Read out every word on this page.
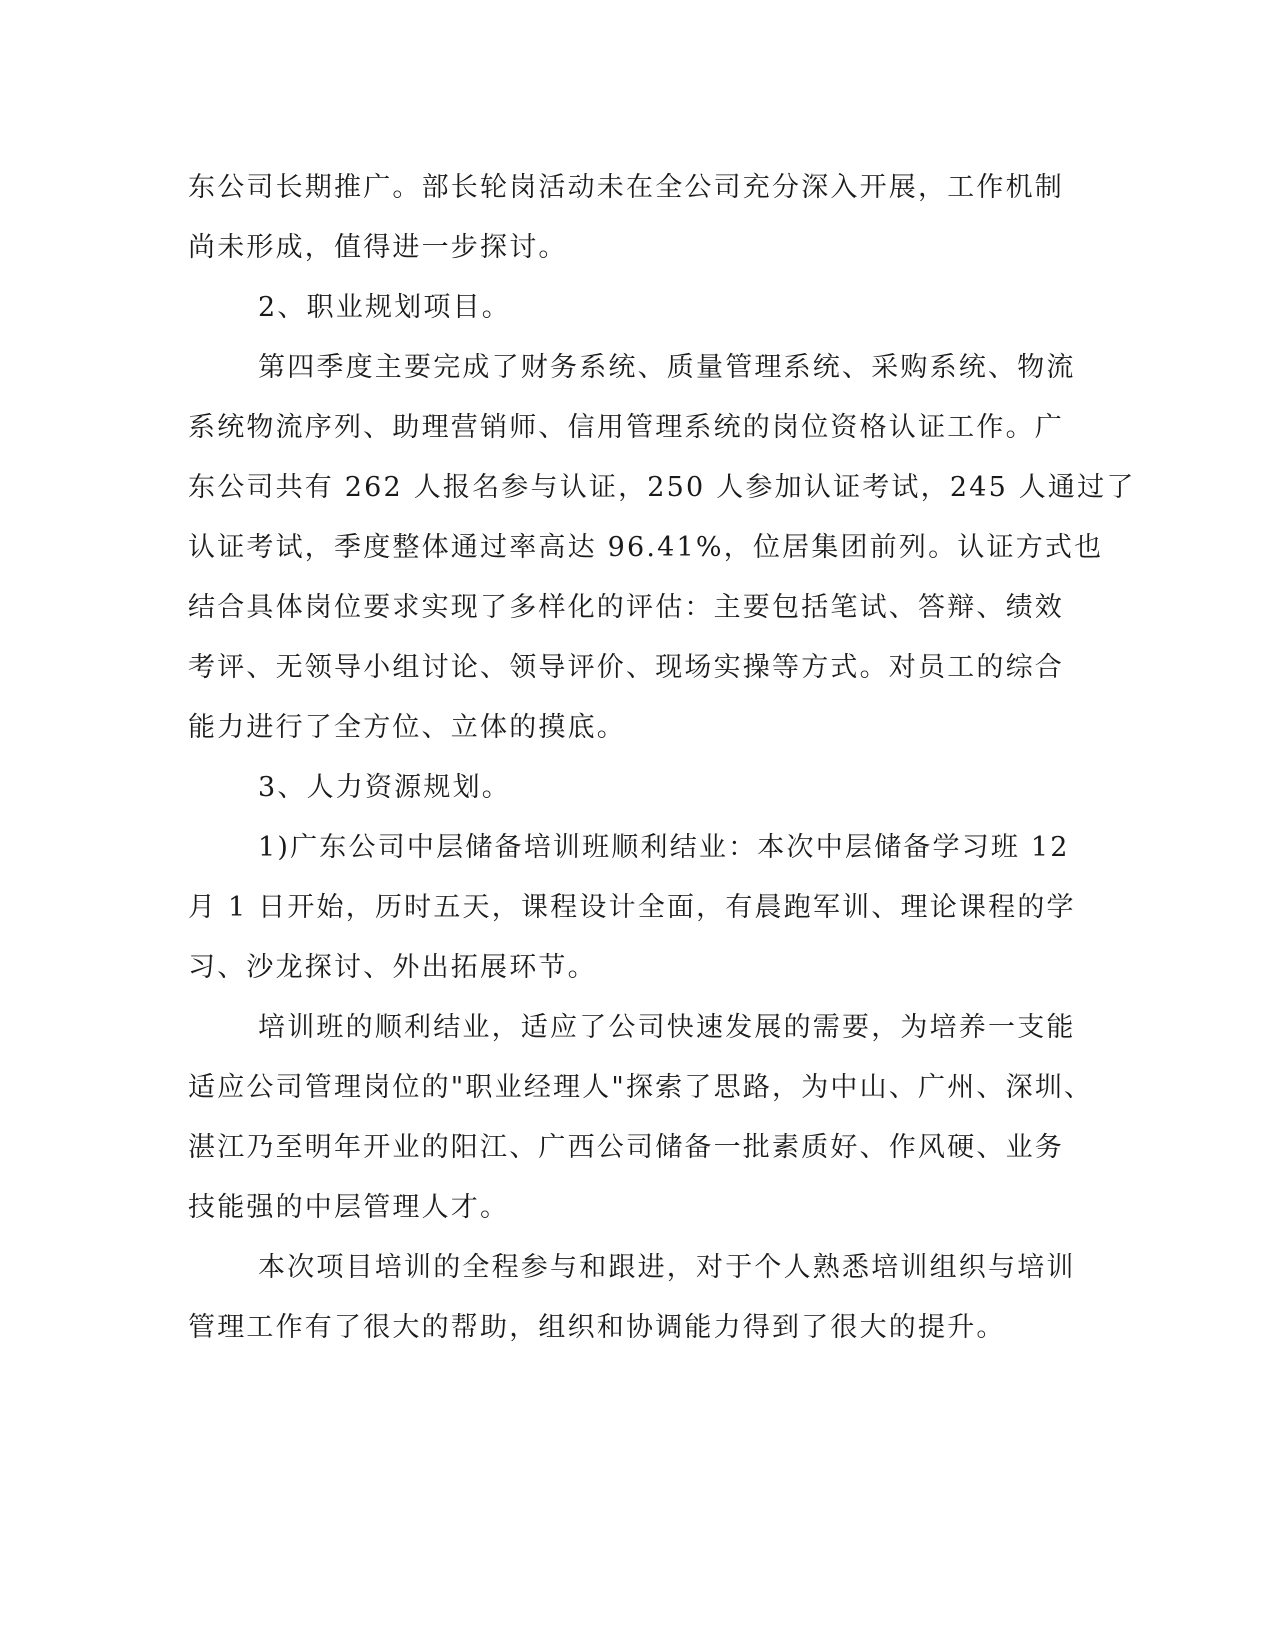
东公司长期推广。部长轮岗活动未在全公司充分深入开展，工作机制
尚未形成，值得进一步探讨。
2、职业规划项目。
第四季度主要完成了财务系统、质量管理系统、采购系统、物流
系统物流序列、助理营销师、信用管理系统的岗位资格认证工作。广
东公司共有 262 人报名参与认证，250 人参加认证考试，245 人通过了
认证考试，季度整体通过率高达 96.41%，位居集团前列。认证方式也
结合具体岗位要求实现了多样化的评估：主要包括笔试、答辩、绩效
考评、无领导小组讨论、领导评价、现场实操等方式。对员工的综合
能力进行了全方位、立体的摸底。
3、人力资源规划。
1)广东公司中层储备培训班顺利结业：本次中层储备学习班 12
月 1 日开始，历时五天，课程设计全面，有晨跑军训、理论课程的学
习、沙龙探讨、外出拓展环节。
培训班的顺利结业，适应了公司快速发展的需要，为培养一支能
适应公司管理岗位的"职业经理人"探索了思路，为中山、广州、深圳、
湛江乃至明年开业的阳江、广西公司储备一批素质好、作风硬、业务
技能强的中层管理人才。
本次项目培训的全程参与和跟进，对于个人熟悉培训组织与培训
管理工作有了很大的帮助，组织和协调能力得到了很大的提升。
